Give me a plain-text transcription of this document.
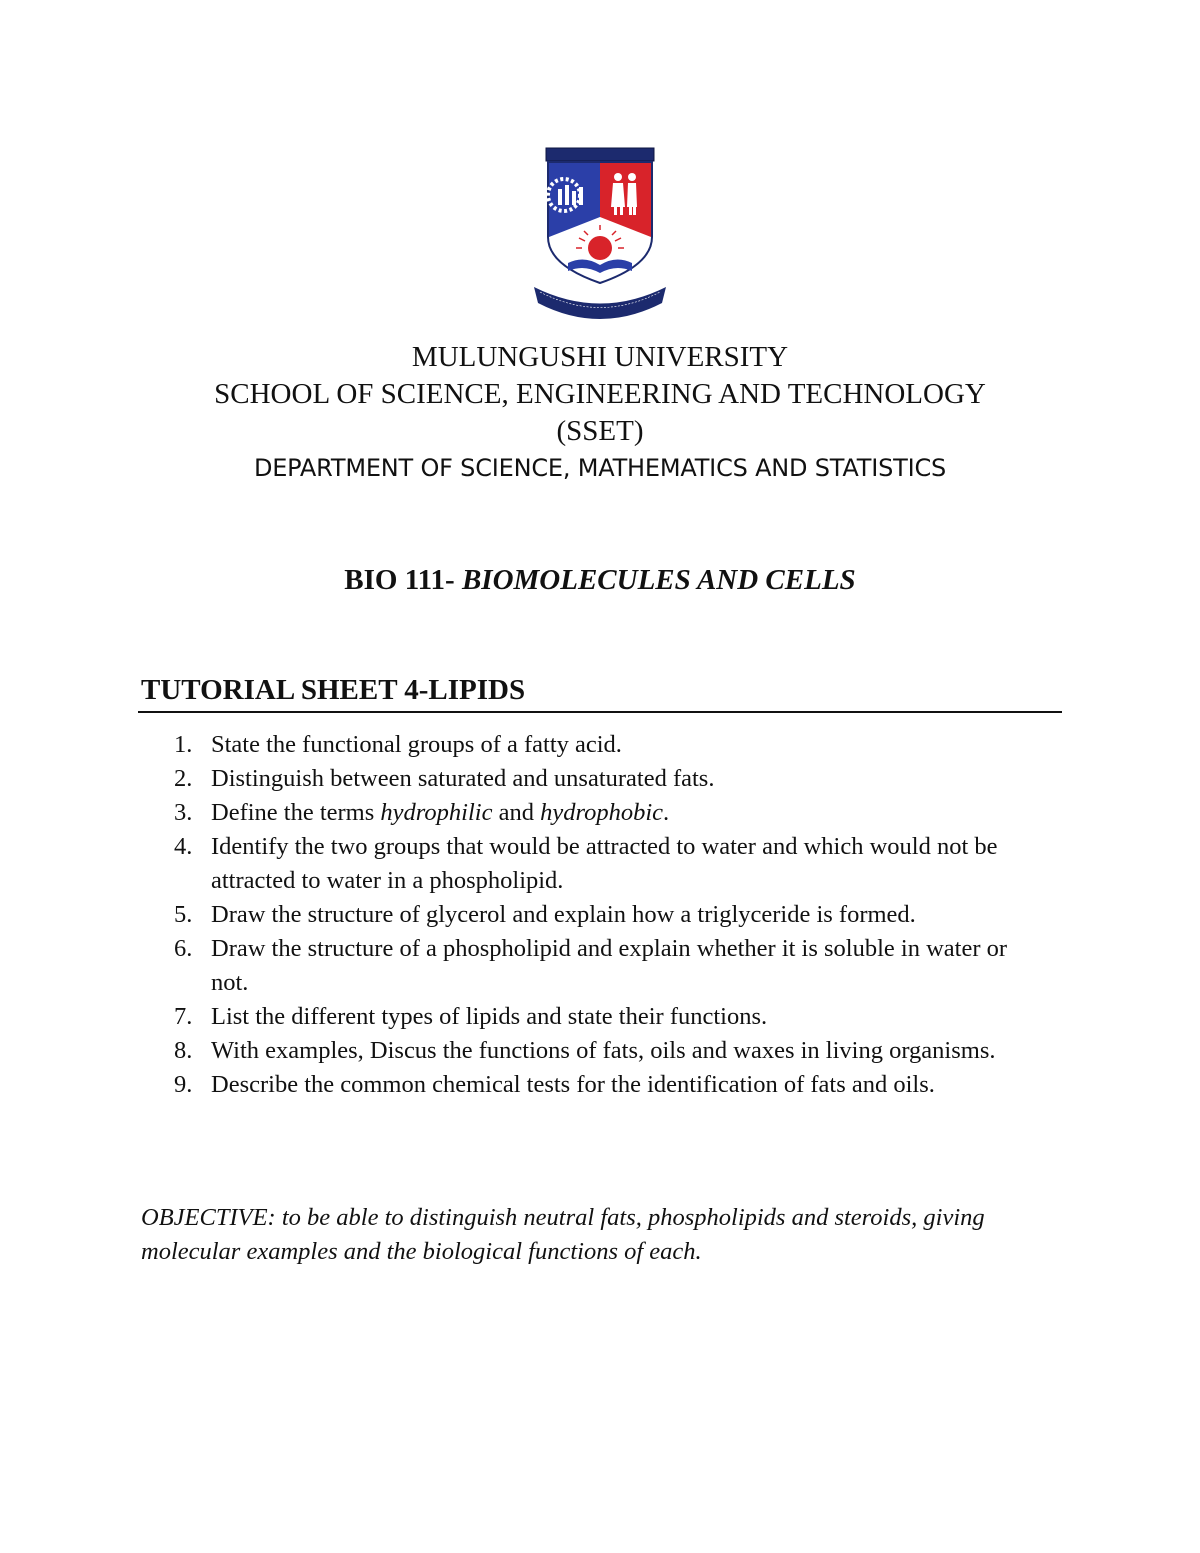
MULUNGUSHI UNIVERSITY
SCHOOL OF SCIENCE, ENGINEERING AND TECHNOLOGY
(SSET)
DEPARTMENT OF SCIENCE, MATHEMATICS AND STATISTICS
BIO 111- BIOMOLECULES AND CELLS
TUTORIAL SHEET 4-LIPIDS
1. State the functional groups of a fatty acid.
2. Distinguish between saturated and unsaturated fats.
3. Define the terms hydrophilic and hydrophobic.
4. Identify the two groups that would be attracted to water and which would not be attracted to water in a phospholipid.
5. Draw the structure of glycerol and explain how a triglyceride is formed.
6. Draw the structure of a phospholipid and explain whether it is soluble in water or not.
7. List the different types of lipids and state their functions.
8. With examples, Discus the functions of fats, oils and waxes in living organisms.
9. Describe the common chemical tests for the identification of fats and oils.
OBJECTIVE: to be able to distinguish neutral fats, phospholipids and steroids, giving molecular examples and the biological functions of each.
